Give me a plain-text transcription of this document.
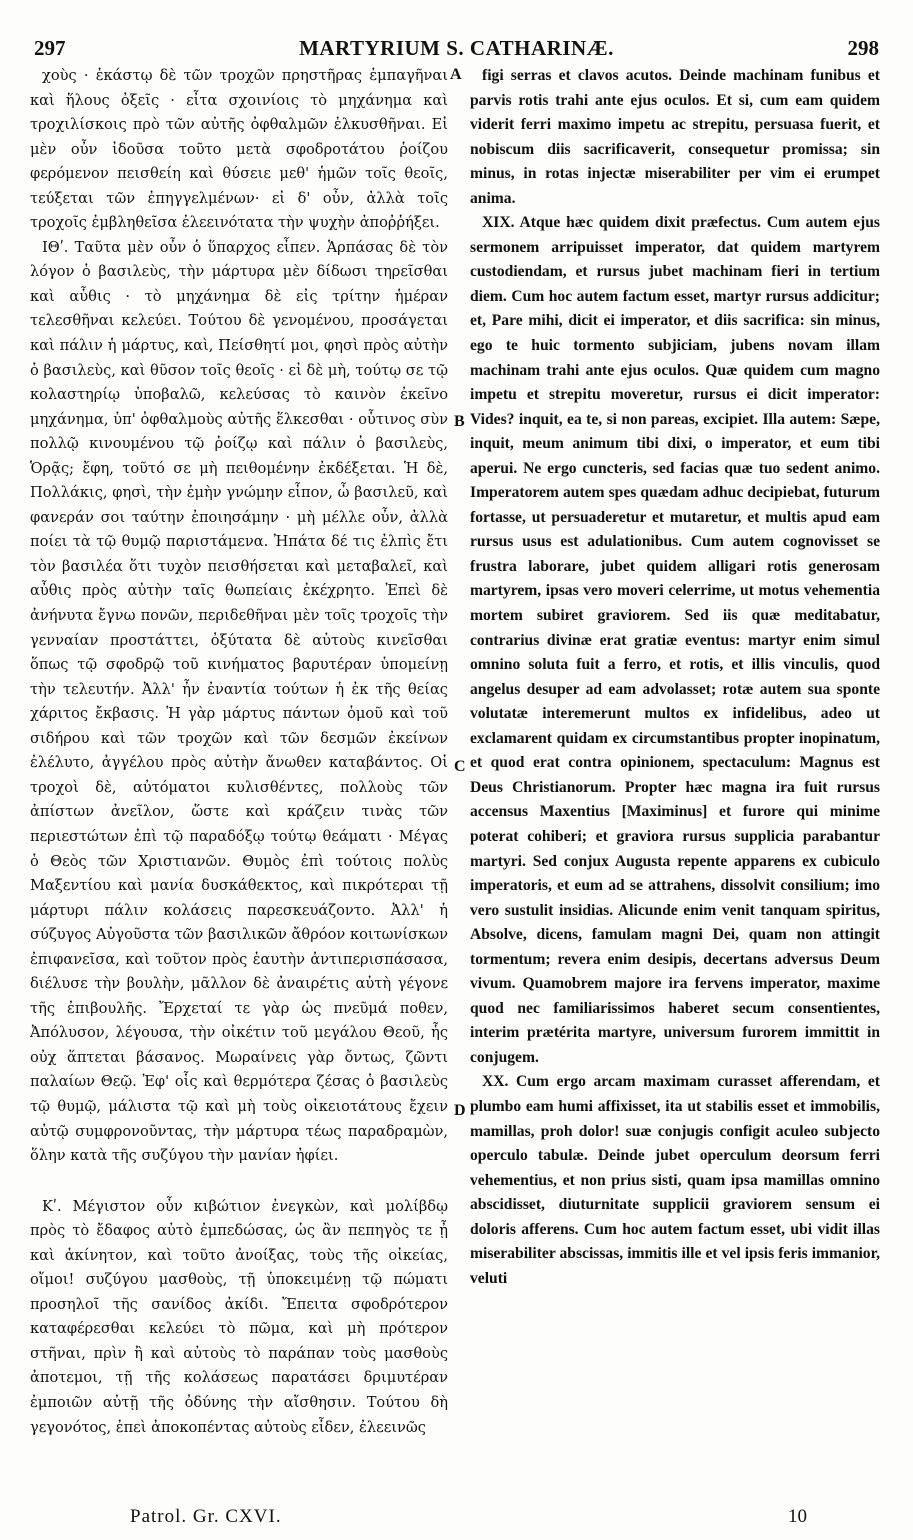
297	MARTYRIUM S. CATHARINÆ.	298

χοὺς · ἑκάστῳ δὲ τῶν τροχῶν πρηστῆρας ἐμπαγῆναι καὶ ἥλους ὀξεῖς · εἶτα σχοινίοις τὸ μηχάνημα καὶ τροχιλίσκοις πρὸ τῶν αὐτῆς ὀφθαλμῶν ἑλκυσθῆναι. Εἰ μὲν οὖν ἰδοῦσα τοῦτο μετὰ σφοδροτάτου ῥοίζου φερόμενον πεισθείη καὶ θύσειε μεθ' ἡμῶν τοῖς θεοῖς, τεύξεται τῶν ἐπηγγελμένων· εἰ δ' οὖν, ἀλλὰ τοῖς τροχοῖς ἐμβληθεῖσα ἐλεεινότατα τὴν ψυχὴν ἀποῤῥήξει.

ΙΘʹ. Ταῦτα μὲν οὖν ὁ ὕπαρχος εἶπεν. Ἁρπάσας δὲ τὸν λόγον ὁ βασιλεὺς, τὴν μάρτυρα μὲν δίδωσι τηρεῖσθαι καὶ αὖθις · τὸ μηχάνημα δὲ εἰς τρίτην ἡμέραν τελεσθῆναι κελεύει. Τούτου δὲ γενομένου, προσάγεται καὶ πάλιν ἡ μάρτυς, καὶ, Πείσθητί μοι, φησὶ πρὸς αὐτὴν ὁ βασιλεὺς, καὶ θῦσον τοῖς θεοῖς · εἰ δὲ μὴ, τούτῳ σε τῷ κολαστηρίῳ ὑποβαλῶ, κελεύσας τὸ καινὸν ἐκεῖνο μηχάνημα, ὑπ' ὀφθαλμοὺς αὐτῆς ἕλκεσθαι · οὗτινος σὺν πολλῷ κινουμένου τῷ ῥοίζῳ καὶ πάλιν ὁ βασιλεὺς, Ὁρᾷς; ἔφη, τοῦτό σε μὴ πειθομένην ἐκδέξεται. Ἡ δὲ, Πολλάκις, φησὶ, τὴν ἐμὴν γνώμην εἶπον, ὦ βασιλεῦ, καὶ φανεράν σοι ταύτην ἐποιησάμην · μὴ μέλλε οὖν, ἀλλὰ ποίει τὰ τῷ θυμῷ παριστάμενα. Ἠπάτα δέ τις ἐλπὶς ἔτι τὸν βασιλέα ὅτι τυχὸν πεισθήσεται καὶ μεταβαλεῖ, καὶ αὖθις πρὸς αὐτὴν ταῖς θωπείαις ἐκέχρητο. Ἐπεὶ δὲ ἀνήνυτα ἔγνω πονῶν, περιδεθῆναι μὲν τοῖς τροχοῖς τὴν γενναίαν προστάττει, ὀξύτατα δὲ αὐτοὺς κινεῖσθαι ὅπως τῷ σφοδρῷ τοῦ κινήματος βαρυτέραν ὑπομείνῃ τὴν τελευτήν. Ἀλλ' ἦν ἐναντία τούτων ἡ ἐκ τῆς θείας χάριτος ἔκβασις. Ἡ γὰρ μάρτυς πάντων ὁμοῦ καὶ τοῦ σιδήρου καὶ τῶν τροχῶν καὶ τῶν δεσμῶν ἐκείνων ἐλέλυτο, ἀγγέλου πρὸς αὐτὴν ἄνωθεν καταβάντος. Οἱ τροχοὶ δὲ, αὐτόματοι κυλισθέντες, πολλοὺς τῶν ἀπίστων ἀνεῖλον, ὥστε καὶ κράζειν τινὰς τῶν περιεστώτων ἐπὶ τῷ παραδόξῳ τούτῳ θεάματι · Μέγας ὁ Θεὸς τῶν Χριστιανῶν. Θυμὸς ἐπὶ τούτοις πολὺς Μαξεντίου καὶ μανία δυσκάθεκτος, καὶ πικρότεραι τῇ μάρτυρι πάλιν κολάσεις παρεσκευάζοντο. Ἀλλ' ἡ σύζυγος Αὐγοῦστα τῶν βασιλικῶν ἄθρόον κοιτωνίσκων ἐπιφανεῖσα, καὶ τοῦτον πρὸς ἑαυτὴν ἀντιπερισπάσασα, διέλυσε τὴν βουλὴν, μᾶλλον δὲ ἀναιρέτις αὐτὴ γέγονε τῆς ἐπιβουλῆς. Ἔρχεταί τε γὰρ ὡς πνεῦμά ποθεν, Ἀπόλυσον, λέγουσα, τὴν οἰκέτιν τοῦ μεγάλου Θεοῦ, ἧς οὐχ ἅπτεται βάσανος. Μωραίνεις γὰρ ὄντως, ζῶντι παλαίων Θεῷ. Ἐφ' οἷς καὶ θερμότερα ζέσας ὁ βασιλεὺς τῷ θυμῷ, μάλιστα τῷ καὶ μὴ τοὺς οἰκειοτάτους ἔχειν αὐτῷ συμφρονοῦντας, τὴν μάρτυρα τέως παραδραμὼν, ὅλην κατὰ τῆς συζύγου τὴν μανίαν ἠφίει.

Κʹ. Μέγιστον οὖν κιβώτιον ἐνεγκὼν, καὶ μολίβδῳ πρὸς τὸ ἔδαφος αὐτὸ ἐμπεδώσας, ὡς ἂν πεπηγὸς τε ᾖ καὶ ἀκίνητον, καὶ τοῦτο ἀνοίξας, τοὺς τῆς οἰκείας, οἴμοι! συζύγου μασθοὺς, τῇ ὑποκειμένῃ τῷ πώματι προσηλοῖ τῆς σανίδος ἀκίδι. Ἔπειτα σφοδρότερον καταφέρεσθαι κελεύει τὸ πῶμα, καὶ μὴ πρότερον στῆναι, πρὶν ἢ καὶ αὐτοὺς τὸ παράπαν τοὺς μασθοὺς ἀποτεμοι, τῇ τῆς κολάσεως παρατάσει δριμυτέραν ἐμποιῶν αὐτῇ τῆς ὀδύνης τὴν αἴσθησιν. Τούτου δὴ γεγονότος, ἐπεὶ ἀποκοπέντας αὐτοὺς εἶδεν, ἐλεεινῶς

figi serras et clavos acutos. Deinde machinam funibus et parvis rotis trahi ante ejus oculos. Et si, cum eam quidem viderit ferri maximo impetu ac strepitu, persuasa fuerit, et nobiscum diis sacrificaverit, consequetur promissa; sin minus, in rotas injectæ miserabiliter per vim ei erumpet anima.

XIX. Atque hæc quidem dixit præfectus. Cum autem ejus sermonem arripuisset imperator, dat quidem martyrem custodiendam, et rursus jubet machinam fieri in tertium diem. Cum hoc autem factum esset, martyr rursus addicitur; et, Pare mihi, dicit ei imperator, et diis sacrifica: sin minus, ego te huic tormento subjiciam, jubens novam illam machinam trahi ante ejus oculos. Quæ quidem cum magno impetu et strepitu moveretur, rursus ei dicit imperator: Vides? inquit, ea te, si non pareas, excipiet. Illa autem: Sæpe, inquit, meum animum tibi dixi, o imperator, et eum tibi aperui. Ne ergo cuncteris, sed facias quæ tuo sedent animo. Imperatorem autem spes quædam adhuc decipiebat, futurum fortasse, ut persuaderetur et mutaretur, et multis apud eam rursus usus est adulationibus. Cum autem cognovisset se frustra laborare, jubet quidem alligari rotis generosam martyrem, ipsas vero moveri celerrime, ut motus vehementia mortem subiret graviorem. Sed iis quæ meditabatur, contrarius divinæ erat gratiæ eventus: martyr enim simul omnino soluta fuit a ferro, et rotis, et illis vinculis, quod angelus desuper ad eam advolasset; rotæ autem sua sponte volutatæ interemerunt multos ex infidelibus, adeo ut exclamarent quidam ex circumstantibus propter inopinatum, et quod erat contra opinionem, spectaculum: Magnus est Deus Christianorum. Propter hæc magna ira fuit rursus accensus Maxentius [Maximinus] et furore qui minime poterat cohiberi; et graviora rursus supplicia parabantur martyri. Sed conjux Augusta repente apparens ex cubiculo imperatoris, et eum ad se attrahens, dissolvit consilium; imo vero sustulit insidias. Alicunde enim venit tanquam spiritus, Absolve, dicens, famulam magni Dei, quam non attingit tormentum; revera enim desipis, decertans adversus Deum vivum. Quamobrem majore ira fervens imperator, maxime quod nec familiarissimos haberet secum consentientes, interim prætérita martyre, universum furorem immittit in conjugem.

XX. Cum ergo arcam maximam curasset afferendam, et plumbo eam humi affixisset, ita ut stabilis esset et immobilis, mamillas, proh dolor! suæ conjugis configit aculeo subjecto operculo tabulæ. Deinde jubet operculum deorsum ferri vehementius, et non prius sisti, quam ipsa mamillas omnino abscidisset, diuturnitate supplicii graviorem sensum ei doloris afferens. Cum hoc autem factum esset, ubi vidit illas miserabiliter abscissas, immitis ille et vel ipsis feris immanior, veluti

A
B
C
D
Patrol. Gr. CXVI.	10
